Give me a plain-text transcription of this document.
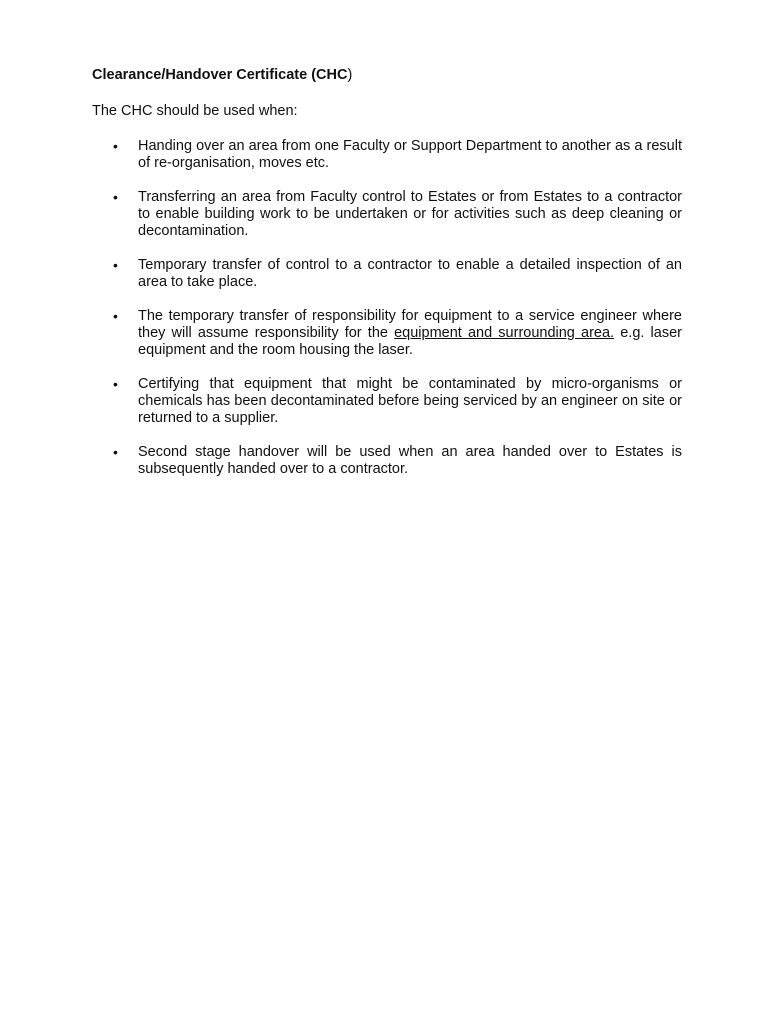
Clearance/Handover Certificate (CHC)

The CHC should be used when:

•	Handing over an area from one Faculty or Support Department to another as a result of re-organisation, moves etc.
•	Transferring an area from Faculty control to Estates or from Estates to a contractor to enable building work to be undertaken or for activities such as deep cleaning or decontamination.
•	Temporary transfer of control to a contractor to enable a detailed inspection of an area to take place.
•	The temporary transfer of responsibility for equipment to a service engineer where they will assume responsibility for the equipment and surrounding area. e.g. laser equipment and the room housing the laser.
•	Certifying that equipment that might be contaminated by micro-organisms or chemicals has been decontaminated before being serviced by an engineer on site or returned to a supplier.
•	Second stage handover will be used when an area handed over to Estates is subsequently handed over to a contractor.
